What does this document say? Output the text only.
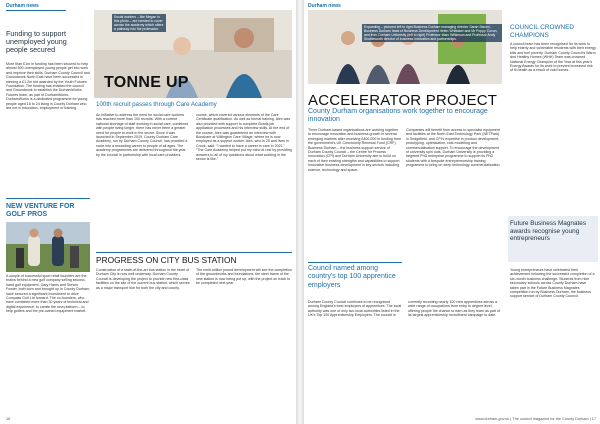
Durham news
Funding to support unemployed young people secured

More than £1m in funding has been secured to help almost 500 unemployed young people get into work and improve their skills. Durham County Council and Groundwork North East have been successful in winning a £1.2m bid awarded by the Youth Futures Foundation. The funding has enabled the council and Groundwork to establish the DurhamWorks Futures team, as part of DurhamWorks. DurhamWorks is a dedicated programme for young people aged 16 to 24 living in County Durham who are not in education, employment or training.

NEW VENTURE FOR GOLF PROS

A couple of successful sport retail founders are the brains behind a new golf company selling second-hand golf equipment. Gary Harris and Steven Fowler, both born and brought up in County Durham, have secured a significant investment to drive Compass Golf Ltd forward. The co-founders, who have combined more than 30 years of technical and digital experience, to create the new platform – to help golfers and the pre-owned equipment market.

Social workers – like Megan in this photo – are needed to cover across the academy which offers a pathway into the profession.
TONNE UP
100th recruit passes through Care Academy

An initiative to address the need for social care workers has reached more than 100 recruits. With a current national shortage of staff working in social care, combined with people living longer, there has never been a greater need for people to work in the sector. Since it was launched in September 2019, County Durham Care Academy, run by Durham County Council, has provided a route into a rewarding career to people of all ages. The academy programmes are delivered throughout the year by the council in partnership with local care providers.

course, which covered various elements of the Care Certificate qualification. As well as formal training, Alex was also provided with support to complete Bonds job application processes and his interview skills. At the end of the course, Alex was guaranteed an interview with Bondcare at Willington Care Village, where he is now employed as a support worker. Alex, who is 25 and lives in Crook, said: "I wanted to have a career in care in 2021." "The Care Academy helped put my mind at rest by providing answers to all of my questions about what working in the sector is like."

PROGRESS ON CITY BUS STATION

Construction of a state-of-the-art bus station in the heart of Durham City is now well underway. Durham County Council is developing the project to provide new first-class facilities on the site of the current bus station, which serves as a major transport hub for both the city and county.

The multi-million pound development will see the completion of the groundworks and foundations, the steel frame of the new station is now being put up, with the project on track to be completed next year.

16
Durham news
Expanding – pictured left to right Business Durham managing director Sarah Slaven, Business Durham head of Business Development Helen Whittaker and Mr Poppy Coxon, and from Durham University (left to right) Professor Marc Wilkinson and Professor Andy Shuttleworth director of business innovation and partnerships.
ACCELERATOR PROJECT
County Durham organisations work together to encourage innovation

Three Durham-based organisations are working together to encourage innovation and business growth in several emerging markets after receiving £400,000 in funding from the government's UK Community Renewal Fund (CRF). Business Durham – the business support service of Durham County Council – the Centre for Process Innovation (CPI) and Durham University aim to build on each of their existing strengths and capabilities to support innovative business development in key sectors including science, technology and space.

Companies will benefit from access to specialist equipment and facilities at the North East Technology Park (NETPark) in Sedgefield, and CPI's expertise in product development, prototyping, optimisation, cost modelling and commercialisation support. To encourage the development of university spin outs, Durham University is providing a targeted PhD enterprise programme to support its PhD students with a bespoke entrepreneurship training programme to bring on deep technology commercialisation.

Council named among country's top 100 apprentice employers

Durham County Council continues to be recognised among England's best employers of apprentices. The local authority was one of only two local authorities listed in the UK's Top 100 Apprenticeship Employers. The council is currently recruiting nearly 100 new apprentices across a wide range of occupations from entry to degree level, offering people the chance to earn as they learn as part of its largest apprenticeship recruitment campaign to date.

COUNCIL CROWNED CHAMPIONS

A council team has been recognised for its work to help elderly and vulnerable residents with their energy bills and fuel poverty. Durham County Council's Warm and Healthy Homes (WHH) Team was crowned National Energy Champion of the Year at this year's Energy Awards for its work to prevent increased risk of ill-health as a result of cold homes.

Future Business Magnates awards recognise young entrepreneurs

Young entrepreneurs have celebrated their achievement following the successful completion of a six-month business challenge. Students from nine secondary schools across County Durham have taken part in the Future Business Magnates competition run by Business Durham, the business support service of Durham County Council.

www.durham.gov.uk | The council magazine for the County Durham | 17
